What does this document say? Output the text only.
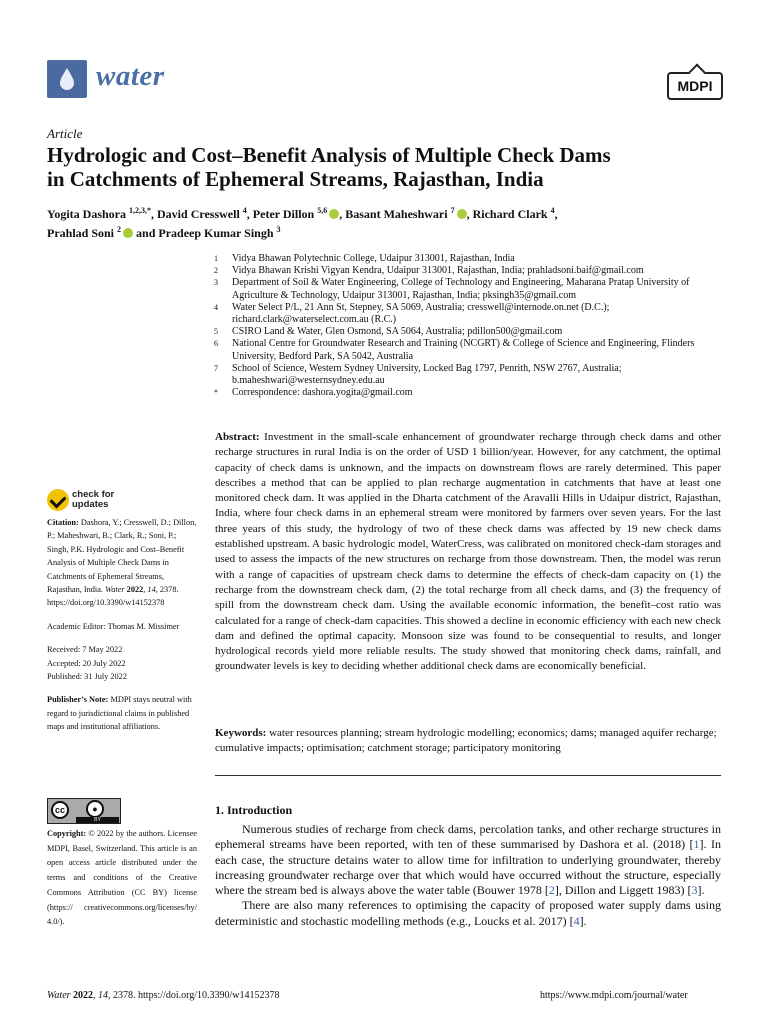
water	MDPI
Article
Hydrologic and Cost–Benefit Analysis of Multiple Check Dams
in Catchments of Ephemeral Streams, Rajasthan, India
Yogita Dashora $^{1,2,3,*}$, David Cresswell $^4$, Peter Dillon $^{5,6}$ , Basant Maheshwari $^7$ , Richard Clark $^4$,
Prahlad Soni $^2$ and Pradeep Kumar Singh $^3$
1	Vidya Bhawan Polytechnic College, Udaipur 313001, Rajasthan, India
2	Vidya Bhawan Krishi Vigyan Kendra, Udaipur 313001, Rajasthan, India; prahladsoni.baif@gmail.com
3	Department of Soil & Water Engineering, College of Technology and Engineering, Maharana Pratap University of Agriculture & Technology, Udaipur 313001, Rajasthan, India; pksingh35@gmail.com
4	Water Select P/L, 21 Ann St, Stepney, SA 5069, Australia; cresswell@internode.on.net (D.C.); richard.clark@waterselect.com.au (R.C.)
5	CSIRO Land & Water, Glen Osmond, SA 5064, Australia; pdillon500@gmail.com
6	National Centre for Groundwater Research and Training (NCGRT) & College of Science and Engineering, Flinders University, Bedford Park, SA 5042, Australia
7	School of Science, Western Sydney University, Locked Bag 1797, Penrith, NSW 2767, Australia; b.maheshwari@westernsydney.edu.au
*	Correspondence: dashora.yogita@gmail.com
Abstract: Investment in the small-scale enhancement of groundwater recharge through check dams and other recharge structures in rural India is on the order of USD 1 billion/year. However, for any catchment, the optimal capacity of check dams is unknown, and the impacts on downstream flows are rarely determined. This paper describes a method that can be applied to plan recharge augmentation in catchments that have at least one monitored check dam. It was applied in the Dharta catchment of the Aravalli Hills in Udaipur district, Rajasthan, India, where four check dams in an ephemeral stream were monitored by farmers over seven years. For the last three years of this study, the hydrology of two of these check dams was affected by 19 new check dams established upstream. A basic hydrologic model, WaterCress, was calibrated on monitored check-dam storages and used to assess the impacts of the new structures on recharge from those downstream. Then, the model was rerun with a range of capacities of upstream check dams to determine the effects of check-dam capacity on (1) the recharge from the downstream check dam, (2) the total recharge from all check dams, and (3) the frequency of spill from the downstream check dam. Using the available economic information, the benefit–cost ratio was calculated for a range of check-dam capacities. This showed a decline in economic efficiency with each new check dam and defined the optimal capacity. Monsoon size was found to be consequential to results, and longer hydrological records yield more reliable results. The study showed that monitoring check dams, rainfall, and groundwater levels is key to deciding whether additional check dams are economically beneficial.
Keywords: water resources planning; stream hydrologic modelling; economics; dams; managed aquifer recharge; cumulative impacts; optimisation; catchment storage; participatory monitoring
1. Introduction

Numerous studies of recharge from check dams, percolation tanks, and other recharge structures in ephemeral streams have been reported, with ten of these summarised by Dashora et al. (2018) [1]. In each case, the structure detains water to allow time for infiltration to underlying groundwater, thereby increasing groundwater recharge over that which would have occurred without the structure, especially where the stream bed is always above the water table (Bouwer 1978 [2], Dillon and Liggett 1983) [3].

There are also many references to optimising the capacity of proposed water supply dams using deterministic and stochastic modelling methods (e.g., Loucks et al. 2017) [4].

check for
updates
Citation: Dashora, Y.; Cresswell, D.; Dillon, P.; Maheshwari, B.; Clark, R.; Soni, P.; Singh, P.K. Hydrologic and Cost–Benefit Analysis of Multiple Check Dams in Catchments of Ephemeral Streams, Rajasthan, India. Water 2022, 14, 2378. https://doi.org/10.3390/w14152378
Academic Editor: Thomas M. Missimer
Received: 7 May 2022
Accepted: 20 July 2022
Published: 31 July 2022
Publisher’s Note: MDPI stays neutral with regard to jurisdictional claims in published maps and institutional affiliations.
cc	●
BY
Copyright: © 2022 by the authors. Licensee MDPI, Basel, Switzerland. This article is an open access article distributed under the terms and conditions of the Creative Commons Attribution (CC BY) license (https:// creativecommons.org/licenses/by/ 4.0/).
Water 2022, 14, 2378. https://doi.org/10.3390/w14152378	https://www.mdpi.com/journal/water
